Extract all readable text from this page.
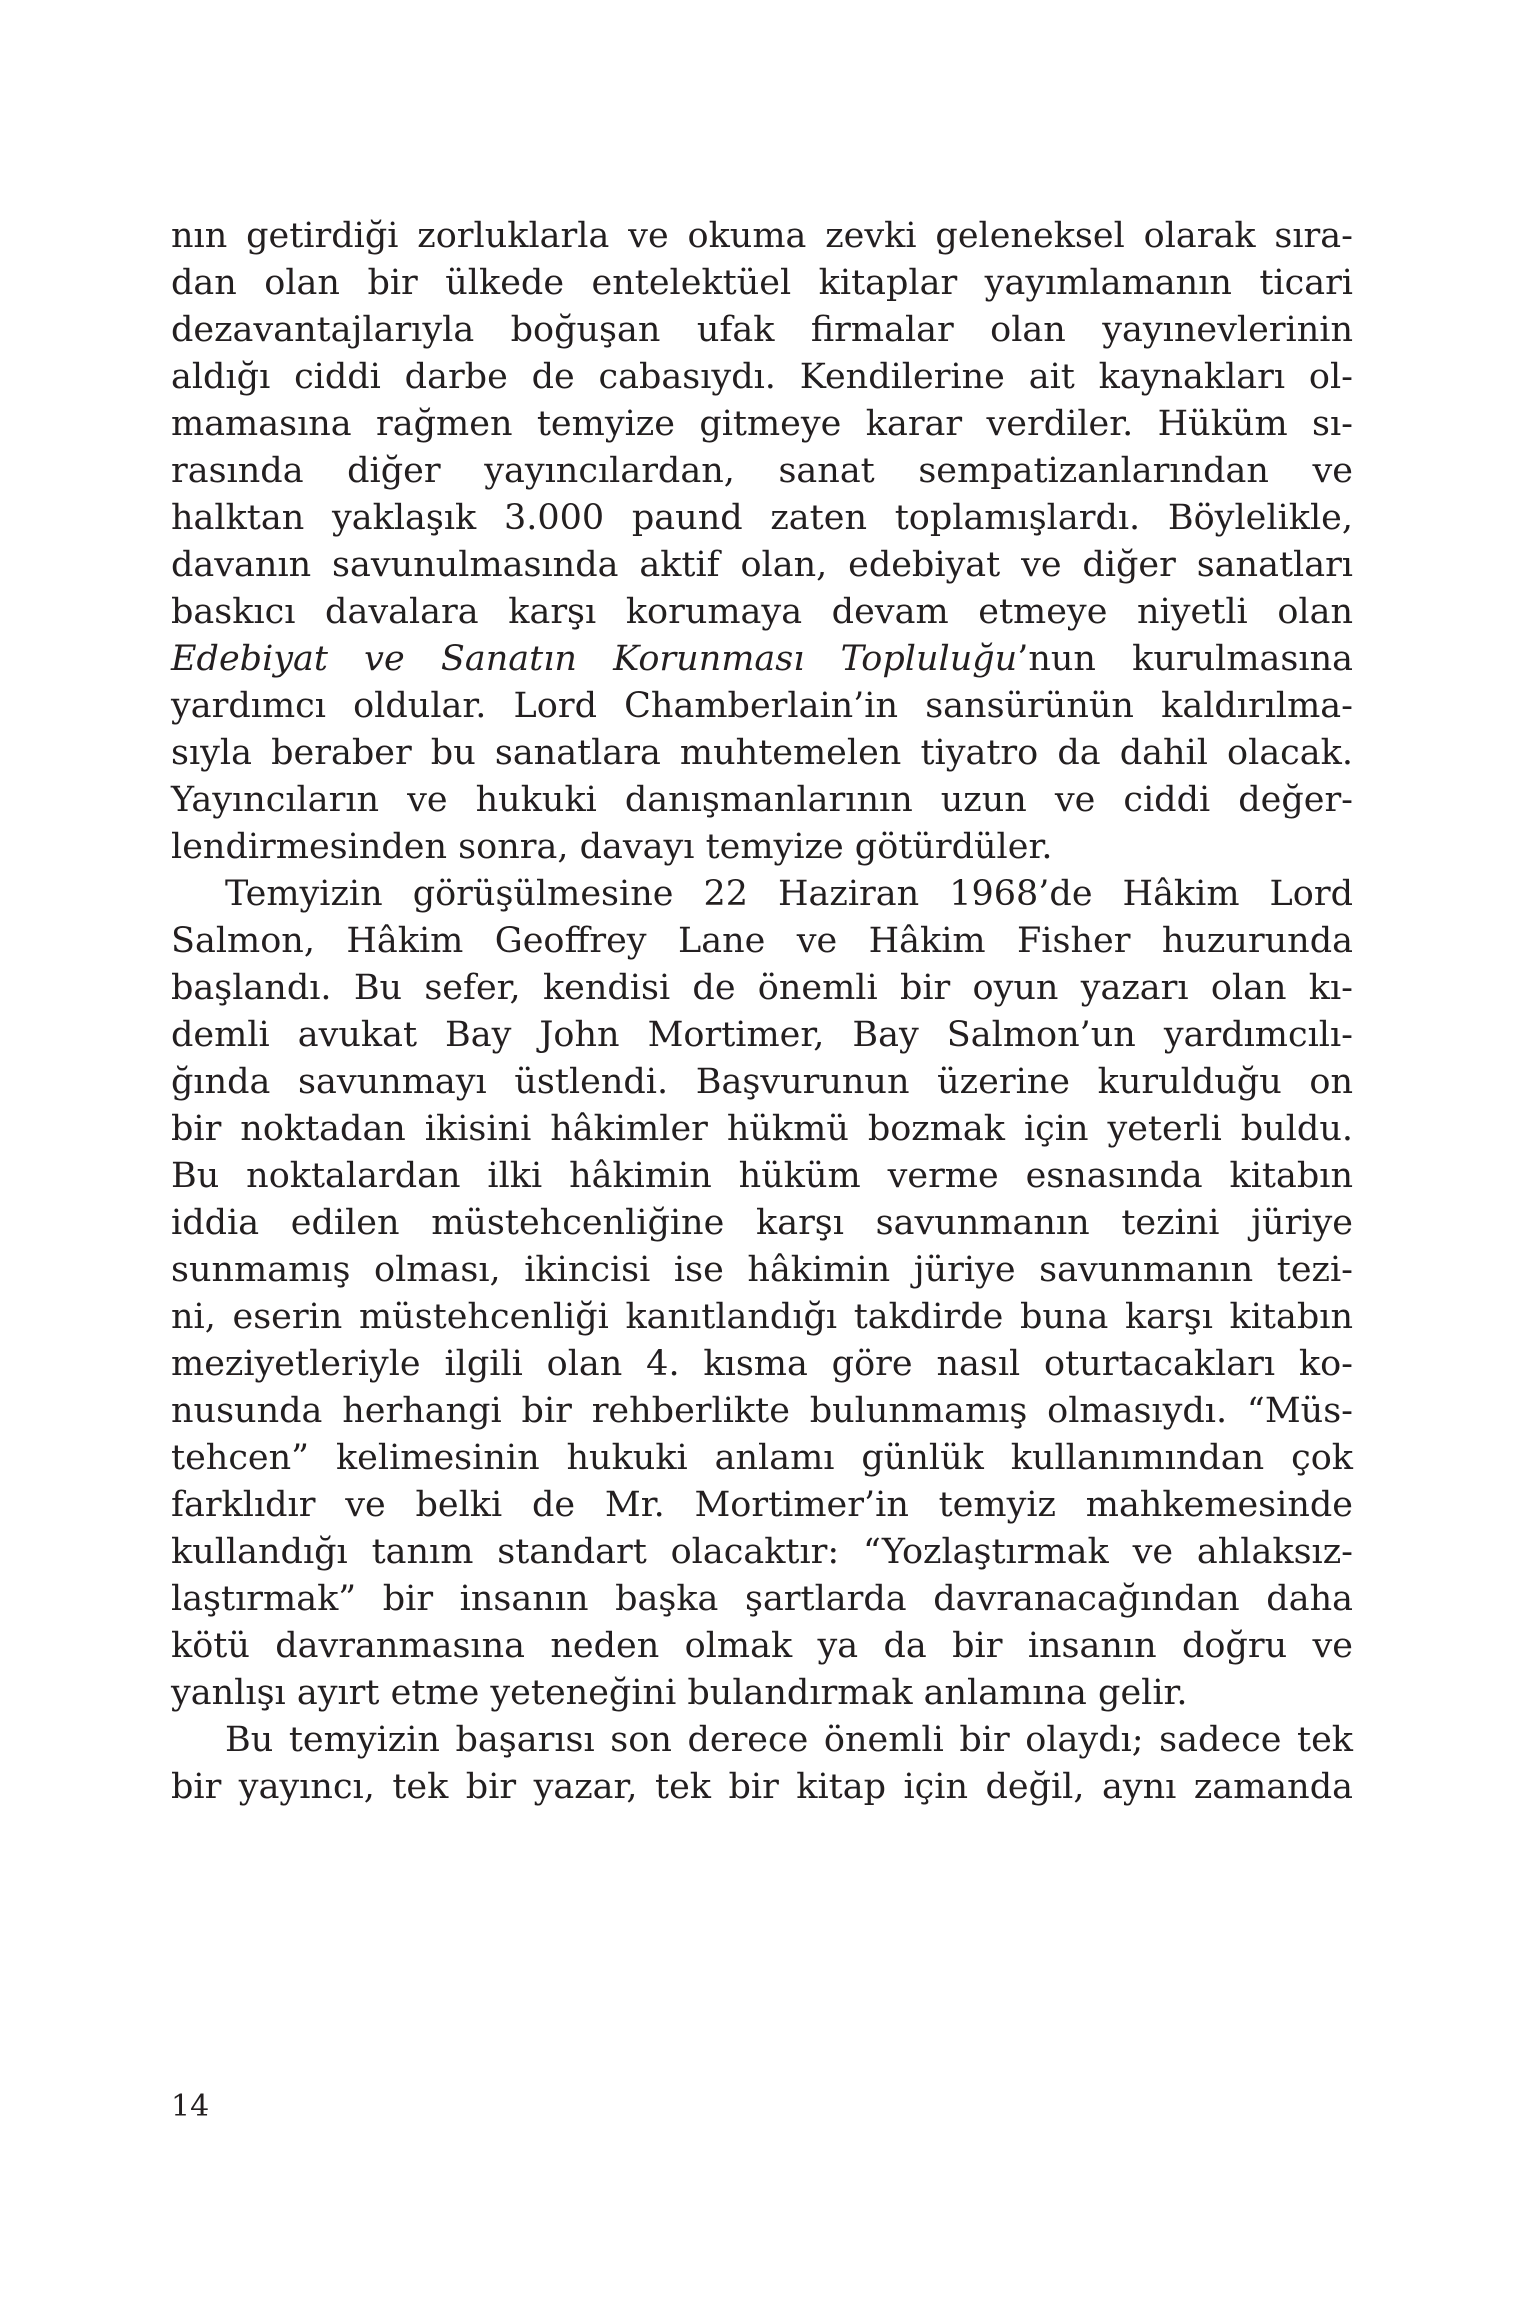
nın getirdiği zorluklarla ve okuma zevki geleneksel olarak sıra-
dan olan bir ülkede entelektüel kitaplar yayımlamanın ticari
dezavantajlarıyla boğuşan ufak firmalar olan yayınevlerinin
aldığı ciddi darbe de cabasıydı. Kendilerine ait kaynakları ol-
mamasına rağmen temyize gitmeye karar verdiler. Hüküm sı-
rasında diğer yayıncılardan, sanat sempatizanlarından ve
halktan yaklaşık 3.000 paund zaten toplamışlardı. Böylelikle,
davanın savunulmasında aktif olan, edebiyat ve diğer sanatları
baskıcı davalara karşı korumaya devam etmeye niyetli olan
Edebiyat ve Sanatın Korunması Topluluğu’nun kurulmasına
yardımcı oldular. Lord Chamberlain’in sansürünün kaldırılma-
sıyla beraber bu sanatlara muhtemelen tiyatro da dahil olacak.
Yayıncıların ve hukuki danışmanlarının uzun ve ciddi değer-
lendirmesinden sonra, davayı temyize götürdüler.
Temyizin görüşülmesine 22 Haziran 1968’de Hâkim Lord
Salmon, Hâkim Geoffrey Lane ve Hâkim Fisher huzurunda
başlandı. Bu sefer, kendisi de önemli bir oyun yazarı olan kı-
demli avukat Bay John Mortimer, Bay Salmon’un yardımcılı-
ğında savunmayı üstlendi. Başvurunun üzerine kurulduğu on
bir noktadan ikisini hâkimler hükmü bozmak için yeterli buldu.
Bu noktalardan ilki hâkimin hüküm verme esnasında kitabın
iddia edilen müstehcenliğine karşı savunmanın tezini jüriye
sunmamış olması, ikincisi ise hâkimin jüriye savunmanın tezi-
ni, eserin müstehcenliği kanıtlandığı takdirde buna karşı kitabın
meziyetleriyle ilgili olan 4. kısma göre nasıl oturtacakları ko-
nusunda herhangi bir rehberlikte bulunmamış olmasıydı. “Müs-
tehcen” kelimesinin hukuki anlamı günlük kullanımından çok
farklıdır ve belki de Mr. Mortimer’in temyiz mahkemesinde
kullandığı tanım standart olacaktır: “Yozlaştırmak ve ahlaksız-
laştırmak” bir insanın başka şartlarda davranacağından daha
kötü davranmasına neden olmak ya da bir insanın doğru ve
yanlışı ayırt etme yeteneğini bulandırmak anlamına gelir.
Bu temyizin başarısı son derece önemli bir olaydı; sadece tek
bir yayıncı, tek bir yazar, tek bir kitap için değil, aynı zamanda
14
